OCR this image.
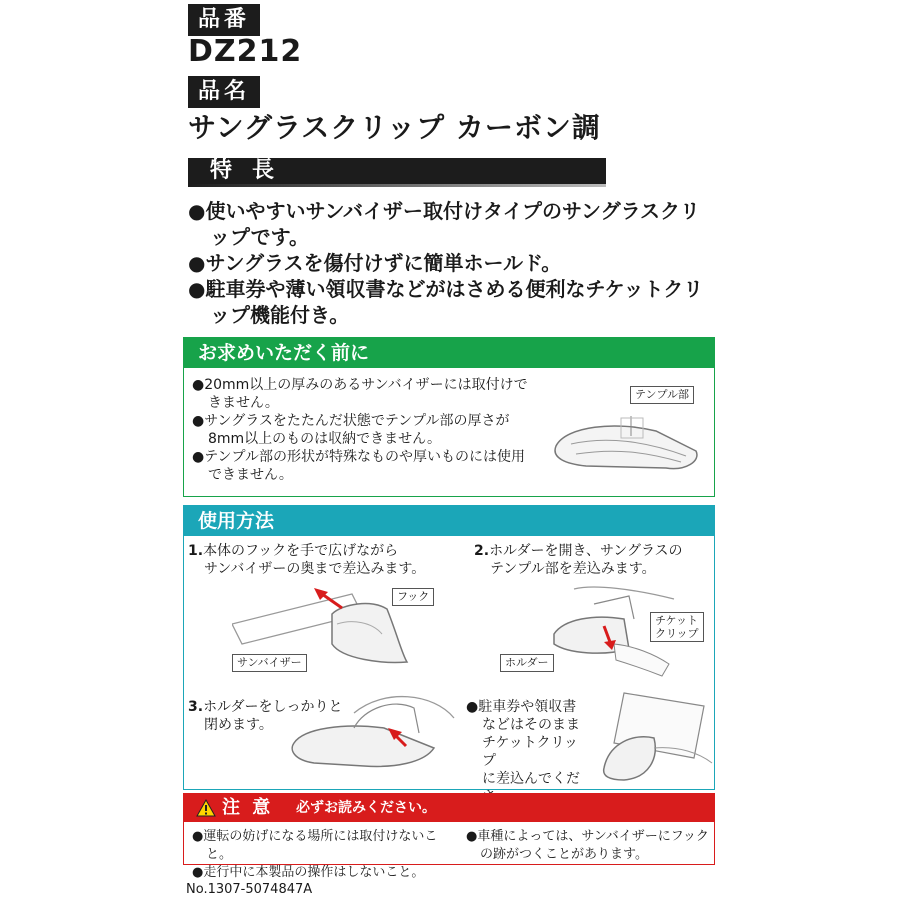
品番
DZ212
品名
サングラスクリップ カーボン調
特長
●使いやすいサンバイザー取付けタイプのサングラスクリップです。
●サングラスを傷付けずに簡単ホールド。
●駐車券や薄い領収書などがはさめる便利なチケットクリップ機能付き。
お求めいただく前に
●20mm以上の厚みのあるサンバイザーには取付けできません。
●サングラスをたたんだ状態でテンプル部の厚さが8mm以上のものは収納できません。
●テンプル部の形状が特殊なものや厚いものには使用できません。
テンプル部
使用方法
1.本体のフックを手で広げながら
サンバイザーの奥まで差込みます。
フック
サンバイザー
2.ホルダーを開き、サングラスの
テンプル部を差込みます。
チケット
クリップ
ホルダー
3.ホルダーをしっかりと
閉めます。
●駐車券や領収書
などはそのまま
チケットクリップ
に差込んでくだ
注 意 必ずお読みください。
●運転の妨げになる場所には取付けないこと。
●走行中に本製品の操作はしないこと。
●車種によっては、サンバイザーにフックの跡がつくことがあります。
No.1307-5074847A
